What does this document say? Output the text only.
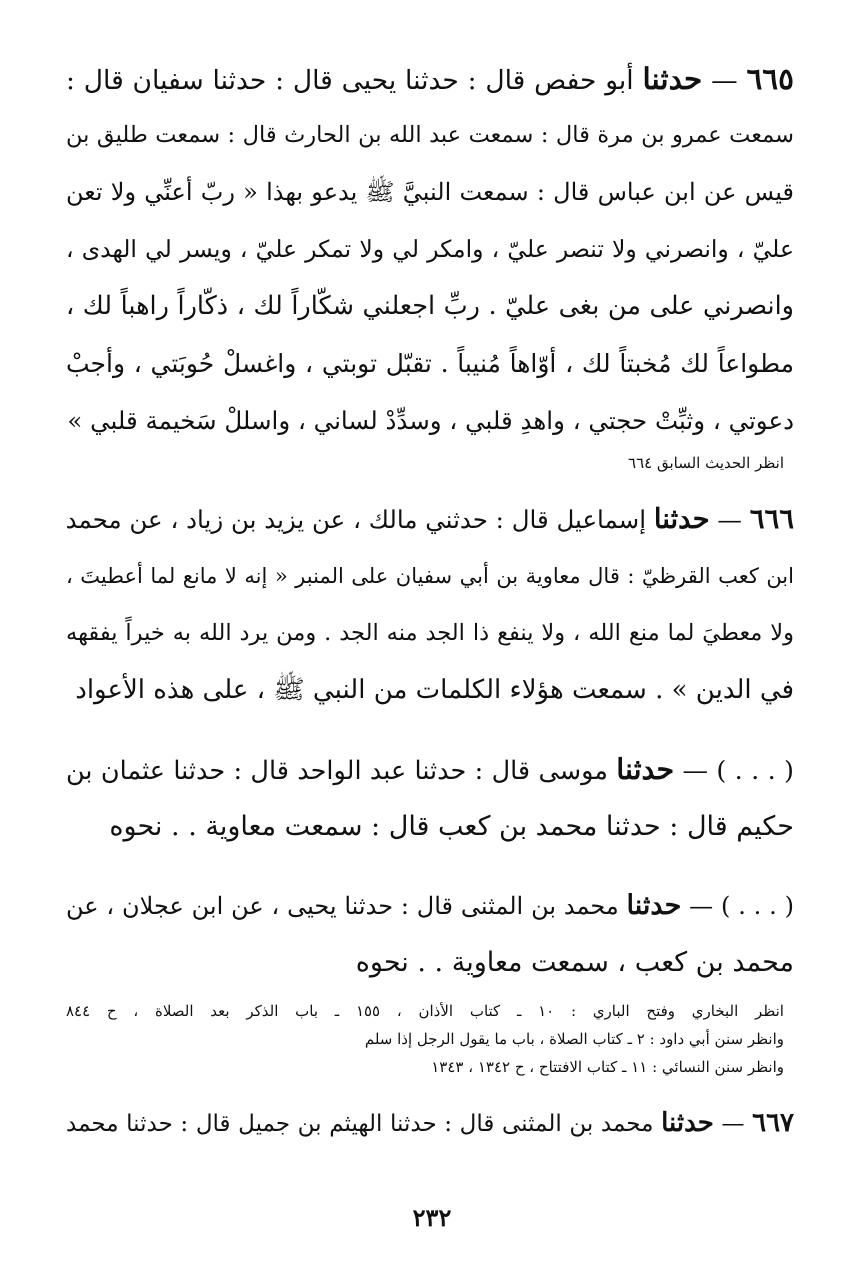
٦٦٥ — حدثنا أبو حفص قال : حدثنا يحيى قال : حدثنا سفيان قال :
سمعت عمرو بن مرة قال : سمعت عبد الله بن الحارث قال : سمعت طليق بن
قيس عن ابن عباس قال : سمعت النبيَّ ﷺ يدعو بهذا « ربّ أعنِّي ولا تعن
عليّ ، وانصرني ولا تنصر عليّ ، وامكر لي ولا تمكر عليّ ، ويسر لي الهدى ،
وانصرني على من بغى عليّ . ربِّ اجعلني شكّاراً لك ، ذكّاراً راهباً لك ،
مطواعاً لك مُخبتاً لك ، أوّاهاً مُنيباً . تقبّل توبتي ، واغسلْ حُوبَتي ، وأجبْ
دعوتي ، وثبِّتْ حجتي ، واهدِ قلبي ، وسدِّدْ لساني ، واسللْ سَخيمة قلبي »
انظر الحديث السابق ٦٦٤
٦٦٦ — حدثنا إسماعيل قال : حدثني مالك ، عن يزيد بن زياد ، عن محمد
ابن كعب القرظيّ : قال معاوية بن أبي سفيان على المنبر « إنه لا مانع لما أعطيتَ ،
ولا معطيَ لما منع الله ، ولا ينفع ذا الجد منه الجد . ومن يرد الله به خيراً يفقهه
في الدين » . سمعت هؤلاء الكلمات من النبي ﷺ ، على هذه الأعواد
( . . . ) — حدثنا موسى قال : حدثنا عبد الواحد قال : حدثنا عثمان بن
حكيم قال : حدثنا محمد بن كعب قال : سمعت معاوية . . نحوه
( . . . ) — حدثنا محمد بن المثنى قال : حدثنا يحيى ، عن ابن عجلان ، عن
محمد بن كعب ، سمعت معاوية . . نحوه
انظر البخاري وفتح الباري : ١٠ ـ كتاب الأذان ، ١٥٥ ـ باب الذكر بعد الصلاة ، ح ٨٤٤
وانظر سنن أبي داود : ٢ ـ كتاب الصلاة ، باب ما يقول الرجل إذا سلم
وانظر سنن النسائي : ١١ ـ كتاب الافتتاح ، ح ١٣٤٢ ، ١٣٤٣
٦٦٧ — حدثنا محمد بن المثنى قال : حدثنا الهيثم بن جميل قال : حدثنا محمد
٢٣٢
